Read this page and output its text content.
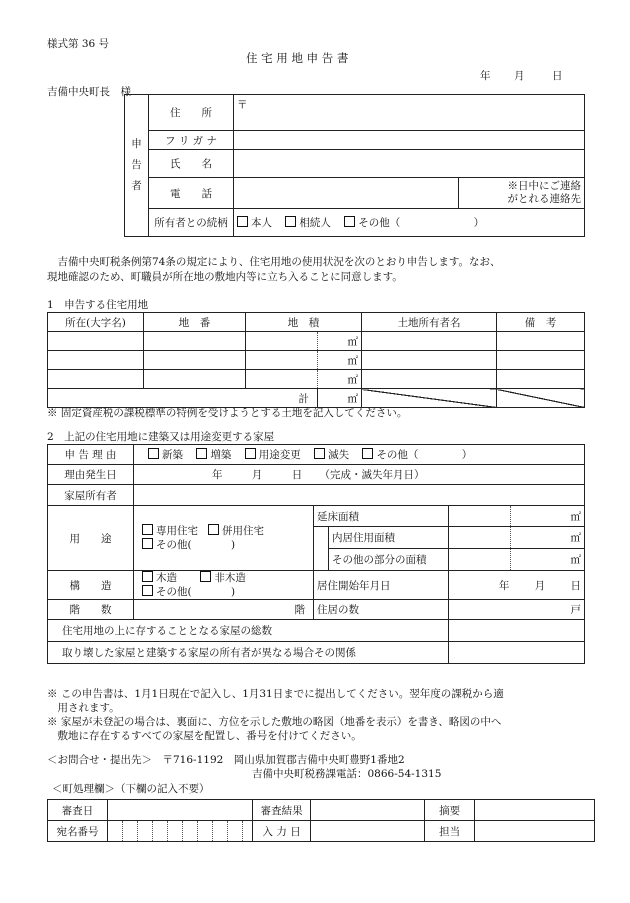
様式第 36 号
住 宅 用 地 申 告 書
年 月	日
吉備中央町長　様
申
告
者	住　　所	〒	
	フ リ ガ ナ		
	氏　　名		
	電　　話		※日中にご連絡
がとれる連絡先
	所有者との続柄	本人 相続人 その他（ ）	
　吉備中央町税条例第74条の規定により、住宅用地の使用状況を次のとおり申告します。なお、
現地確認のため、町職員が所在地の敷地内等に立ち入ることに同意します。
1　申告する住宅用地
所在(大字名)	地　番	地　積		土地所有者名	備　考
			㎡		
			㎡		
			㎡		
計			㎡		
※ 固定資産税の課税標準の特例を受けようとする土地を記入してください。
2　上記の住宅用地に建築又は用途変更する家屋
申 告 理 由	新築 増築 用途変更 滅失 その他（ ）				
理由発生日	年 月 日 （完成・滅失年月日）				
家屋所有者					
用　　途	専用住宅 併用住宅
その他( )	延床面積			㎡
			内居住用面積		㎡
			その他の部分の面積		㎡
構　　造	木造 非木造
その他( )	居住開始年月日		年 月 日	
階　　数	階	住居の数		戸	
住宅用地の上に存することとなる家屋の総数					
取り壊した家屋と建築する家屋の所有者が異なる場合その関係					
※ この申告書は、1月1日現在で記入し、1月31日までに提出してください。翌年度の課税から適
　用されます。
※ 家屋が未登記の場合は、裏面に、方位を示した敷地の略図（地番を表示）を書き、略図の中へ
　敷地に存在するすべての家屋を配置し、番号を付けてください。
＜お問合せ・提出先＞　〒716-1192　岡山県加賀郡吉備中央町豊野1番地2
吉備中央町税務課電話：0866-54-1315
＜町処理欄＞（下欄の記入不要）
審査日											審査結果		摘要	
宛名番号											入 力 日		担当	
